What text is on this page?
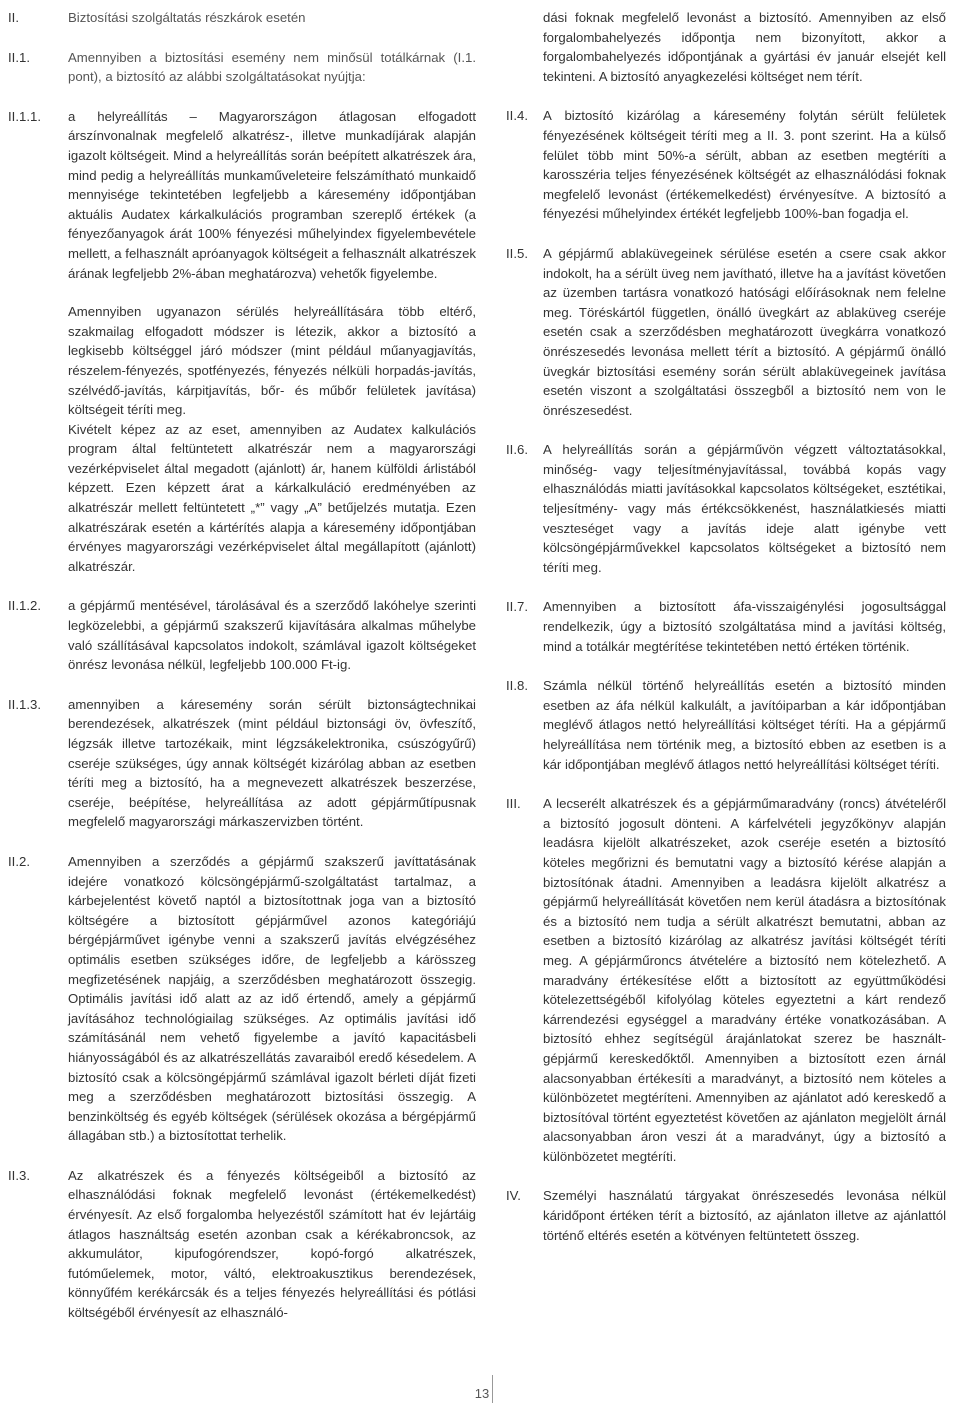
II.	Biztosítási szolgáltatás részkárok esetén

II.1.	Amennyiben a biztosítási esemény nem minősül totálkárnak (I.1. pont), a biztosító az alábbi szolgáltatásokat nyújtja:

II.1.1. a helyreállítás – Magyarországon átlagosan elfogadott árszínvonalnak megfelelő alkatrész-, illetve munkadíjárak alapján igazolt költségeit. Mind a helyreállítás során beépített alkatrészek ára, mind pedig a helyreállítás munkaműveleteire felszámítható munkaidő mennyisége tekintetében legfeljebb a káresemény időpontjában aktuális Audatex kárkalkulációs programban szereplő értékek (a fényezőanyagok árát 100% fényezési műhelyindex figyelembevétele mellett, a felhasznált apróanyagok költségeit a felhasznált alkatrészek árának legfeljebb 2%-ában meghatározva) vehetők figyelembe.

Amennyiben ugyanazon sérülés helyreállítására több eltérő, szakmailag elfogadott módszer is létezik, akkor a biztosító a legkisebb költséggel járó módszer (mint például műanyagjavítás, részelem-fényezés, spotfényezés, fényezés nélküli horpadás-javítás, szélvédő-javítás, kárpitjavítás, bőr- és műbőr felületek javítása) költségeit téríti meg.

Kivételt képez az az eset, amennyiben az Audatex kalkulációs program által feltüntetett alkatrészár nem a magyarországi vezérképviselet által megadott (ajánlott) ár, hanem külföldi árlistából képzett. Ezen képzett árat a kárkalkuláció eredményében az alkatrészár mellett feltüntetett „*” vagy „A” betűjelzés mutatja. Ezen alkatrészárak esetén a kártérítés alapja a káresemény időpontjában érvényes magyarországi vezérképviselet által megállapított (ajánlott) alkatrészár.

II.1.2. a gépjármű mentésével, tárolásával és a szerződő lakóhelye szerinti legközelebbi, a gépjármű szakszerű kijavítására alkalmas műhelybe való szállításával kapcsolatos indokolt, számlával igazolt költségeket önrész levonása nélkül, legfeljebb 100.000 Ft-ig.

II.1.3. amennyiben a káresemény során sérült biztonságtechnikai berendezések, alkatrészek (mint például biztonsági öv, övfeszítő, légzsák illetve tartozékaik, mint légzsákelektronika, csúszógyűrű) cseréje szükséges, úgy annak költségét kizárólag abban az esetben téríti meg a biztosító, ha a megnevezett alkatrészek beszerzése, cseréje, beépítése, helyreállítása az adott gépjárműtípusnak megfelelő magyarországi márkaszervizben történt.

II.2.	Amennyiben a szerződés a gépjármű szakszerű javíttatásának idejére vonatkozó kölcsöngépjármű-szolgáltatást tartalmaz, a kárbejelentést követő naptól a biztosítottnak joga van a biztosító költségére a biztosított gépjárművel azonos kategóriájú bérgépjárművet igénybe venni a szakszerű javítás elvégzéséhez optimális esetben szükséges időre, de legfeljebb a kárösszeg megfizetésének napjáig, a szerződésben meghatározott összegig. Optimális javítási idő alatt az az idő értendő, amely a gépjármű javításához technológiailag szükséges. Az optimális javítási idő számításánál nem vehető figyelembe a javító kapacitásbeli hiányosságából és az alkatrészellátás zavaraiból eredő késedelem. A biztosító csak a kölcsöngépjármű számlával igazolt bérleti díját fizeti meg a szerződésben meghatározott biztosítási összegig. A benzinköltség és egyéb költségek (sérülések okozása a bérgépjármű állagában stb.) a biztosítottat terhelik.

II.3.	Az alkatrészek és a fényezés költségeiből a biztosító az elhasználódási foknak megfelelő levonást (értékemelkedést) érvényesít. Az első forgalomba helyezéstől számított hat év lejártáig átlagos használtság esetén azonban csak a kérékabroncsok, az akkumulátor, kipufogórendszer, kopó-forgó alkatrészek, futóműelemek, motor, váltó, elektroakusztikus berendezések, könnyűfém kerékárcsák és a teljes fényezés helyreállítási és pótlási költségéből érvényesít az elhasználó-

dási foknak megfelelő levonást a biztosító. Amennyiben az első forgalombahelyezés időpontja nem bizonyított, akkor a forgalombahelyezés időpontjának a gyártási év január elsejét kell tekinteni. A biztosító anyagkezelési költséget nem térít.

II.4. A biztosító kizárólag a káresemény folytán sérült felületek fényezésének költségeit téríti meg a II. 3. pont szerint. Ha a külső felület több mint 50%-a sérült, abban az esetben megtéríti a karosszéria teljes fényezésének költségét az elhasználódási foknak megfelelő levonást (értékemelkedést) érvényesítve. A biztosító a fényezési műhelyindex értékét legfeljebb 100%-ban fogadja el.

II.5. A gépjármű ablaküvegeinek sérülése esetén a csere csak akkor indokolt, ha a sérült üveg nem javítható, illetve ha a javítást követően az üzemben tartásra vonatkozó hatósági előírásoknak nem felelne meg. Töréskártól független, önálló üvegkárt az ablaküveg cseréje esetén csak a szerződésben meghatározott üvegkárra vonatkozó önrészesedés levonása mellett térít a biztosító. A gépjármű önálló üvegkár biztosítási esemény során sérült ablaküvegeinek javítása esetén viszont a szolgáltatási összegből a biztosító nem von le önrészesedést.

II.6. A helyreállítás során a gépjárművön végzett változtatásokkal, minőség- vagy teljesítményjavítással, továbbá kopás vagy elhasználódás miatti javításokkal kapcsolatos költségeket, esztétikai, teljesítmény- vagy más értékcsökkenést, használatkiesés miatti veszteséget vagy a javítás ideje alatt igénybe vett kölcsöngépjárművekkel kapcsolatos költségeket a biztosító nem téríti meg.

II.7. Amennyiben a biztosított áfa-visszaigénylési jogosultsággal rendelkezik, úgy a biztosító szolgáltatása mind a javítási költség, mind a totálkár megtérítése tekintetében nettó értéken történik.

II.8. Számla nélkül történő helyreállítás esetén a biztosító minden esetben az áfa nélkül kalkulált, a javítóiparban a kár időpontjában meglévő átlagos nettó helyreállítási költséget téríti. Ha a gépjármű helyreállítása nem történik meg, a biztosító ebben az esetben is a kár időpontjában meglévő átlagos nettó helyreállítási költséget téríti.

III. A lecserélt alkatrészek és a gépjárműmaradvány (roncs) átvételéről a biztosító jogosult dönteni. A kárfelvételi jegyzőkönyv alapján leadásra kijelölt alkatrészeket, azok cseréje esetén a biztosító köteles megőrizni és bemutatni vagy a biztosító kérése alapján a biztosítónak átadni. Amennyiben a leadásra kijelölt alkatrész a gépjármű helyreállítását követően nem kerül átadásra a biztosítónak és a biztosító nem tudja a sérült alkatrészt bemutatni, abban az esetben a biztosító kizárólag az alkatrész javítási költségét téríti meg. A gépjárműroncs átvételére a biztosító nem kötelezhető. A maradvány értékesítése előtt a biztosított az együttműködési kötelezettségéből kifolyólag köteles egyeztetni a kárt rendező kárrendezési egységgel a maradvány értéke vonatkozásában. A biztosító ehhez segítségül árajánlatokat szerez be használt-gépjármű kereskedőktől. Amennyiben a biztosított ezen árnál alacsonyabban értékesíti a maradványt, a biztosító nem köteles a különbözetet megtéríteni. Amennyiben az ajánlatot adó kereskedő a biztosítóval történt egyeztetést követően az ajánlaton megjelölt árnál alacsonyabban áron veszi át a maradványt, úgy a biztosító a különbözetet megtéríti.

IV. Személyi használatú tárgyakat önrészesedés levonása nélkül káridőpont értéken térít a biztosító, az ajánlaton illetve az ajánlattól történő eltérés esetén a kötvényen feltüntetett összeg.

13
